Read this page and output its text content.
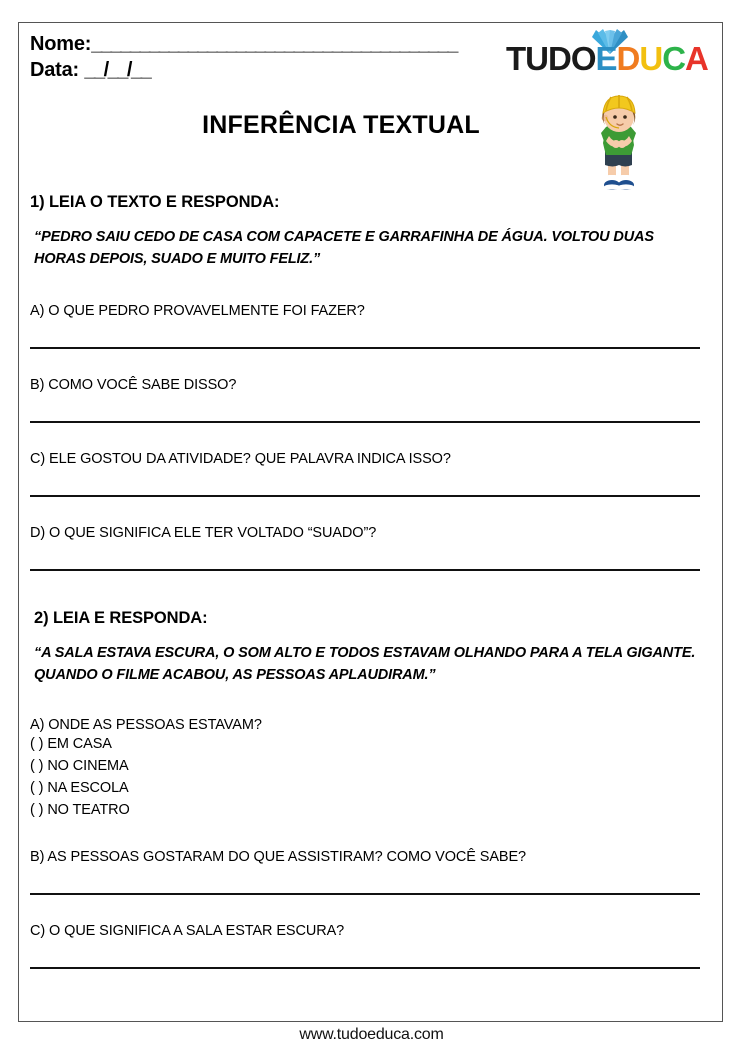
Nome:______________________________________
Data: __/__/__	TUDOEDUCA
INFERÊNCIA TEXTUAL
1) LEIA O TEXTO E RESPONDA:
“PEDRO SAIU CEDO DE CASA COM CAPACETE E GARRAFINHA DE ÁGUA. VOLTOU DUAS HORAS DEPOIS, SUADO E MUITO FELIZ.”
A) O QUE PEDRO PROVAVELMENTE FOI FAZER?
B) COMO VOCÊ SABE DISSO?
C) ELE GOSTOU DA ATIVIDADE? QUE PALAVRA INDICA ISSO?
D) O QUE SIGNIFICA ELE TER VOLTADO “SUADO”?
2) LEIA E RESPONDA:
“A SALA ESTAVA ESCURA, O SOM ALTO E TODOS ESTAVAM OLHANDO PARA A TELA GIGANTE. QUANDO O FILME ACABOU, AS PESSOAS APLAUDIRAM.”
A) ONDE AS PESSOAS ESTAVAM?
( ) EM CASA
( ) NO CINEMA
( ) NA ESCOLA
( ) NO TEATRO
B) AS PESSOAS GOSTARAM DO QUE ASSISTIRAM? COMO VOCÊ SABE?
C) O QUE SIGNIFICA A SALA ESTAR ESCURA?
www.tudoeduca.com
